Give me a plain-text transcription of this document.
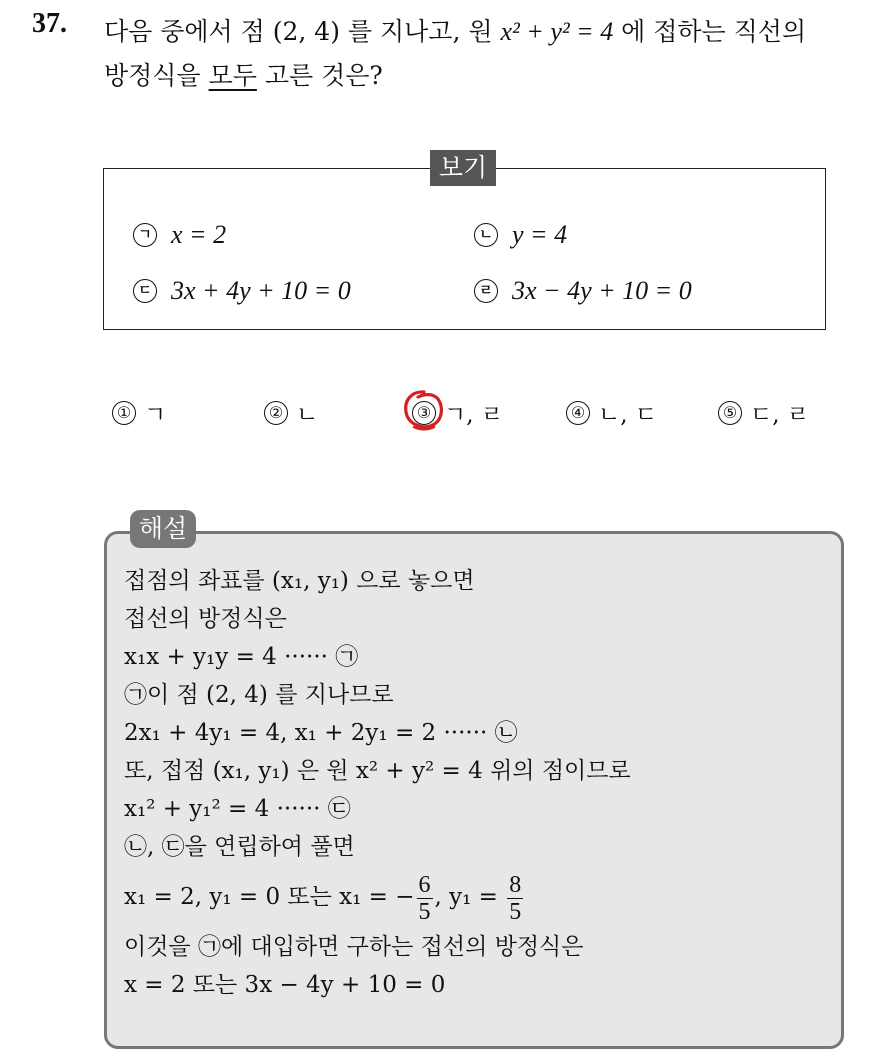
37. 다음 중에서 점 (2, 4) 를 지나고, 원 x² + y² = 4 에 접하는 직선의
방정식을 모두 고른 것은?
보기
ㄱ x = 2	ㄴ y = 4
ㄷ 3x + 4y + 10 = 0	ㄹ 3x − 4y + 10 = 0
① ㄱ	② ㄴ	③ ㄱ, ㄹ	④ ㄴ, ㄷ	⑤ ㄷ, ㄹ
해설
접점의 좌표를 (x₁, y₁) 으로 놓으면
접선의 방정식은
x₁x + y₁y = 4 ······ ㉠
㉠이 점 (2, 4) 를 지나므로
2x₁ + 4y₁ = 4, x₁ + 2y₁ = 2 ······ ㉡
또, 접점 (x₁, y₁) 은 원 x² + y² = 4 위의 점이므로
x₁² + y₁² = 4 ······ ㉢
㉡, ㉢을 연립하여 풀면
x₁ = 2, y₁ = 0 또는 x₁ = − $\frac{6}{5}$ , $y_1 = \frac{8}{5}$
이것을 ㉠에 대입하면 구하는 접선의 방정식은
x = 2 또는 3x − 4y + 10 = 0
